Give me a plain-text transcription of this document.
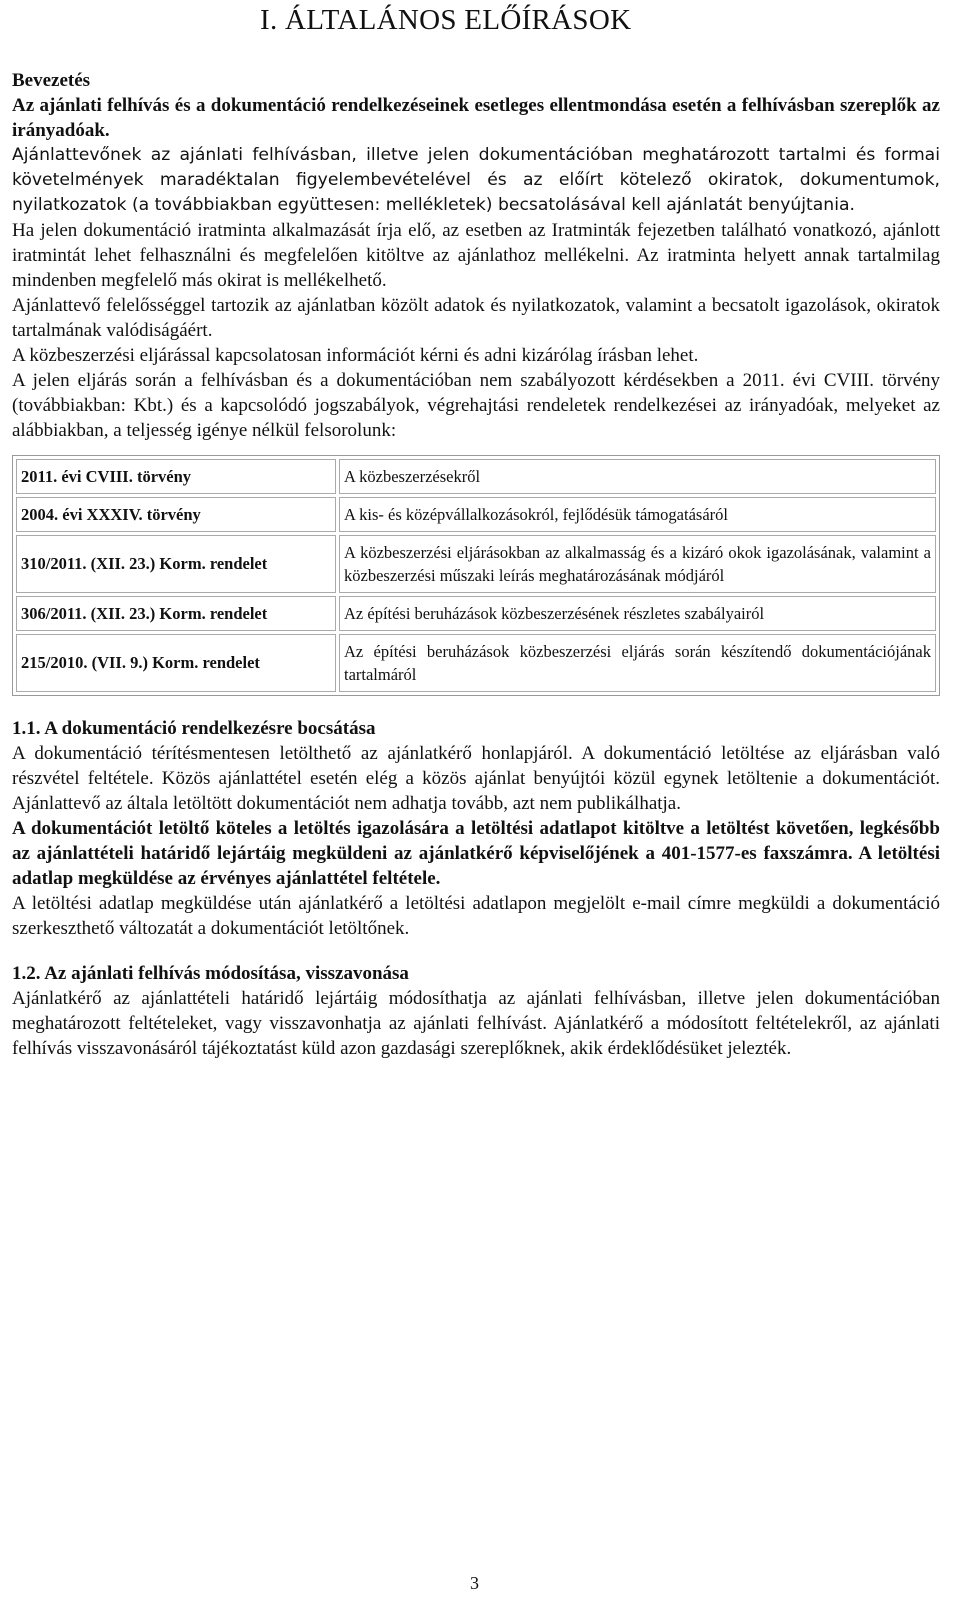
I. ÁLTALÁNOS ELŐÍRÁSOK

Bevezetés

Az ajánlati felhívás és a dokumentáció rendelkezéseinek esetleges ellentmondása esetén a felhívásban szereplők az irányadóak.

Ajánlattevőnek az ajánlati felhívásban, illetve jelen dokumentációban meghatározott tartalmi és formai követelmények maradéktalan figyelembevételével és az előírt kötelező okiratok, dokumentumok, nyilatkozatok (a továbbiakban együttesen: mellékletek) becsatolásával kell ajánlatát benyújtania.

Ha jelen dokumentáció iratminta alkalmazását írja elő, az esetben az Iratminták fejezetben található vonatkozó, ajánlott iratmintát lehet felhasználni és megfelelően kitöltve az ajánlathoz mellékelni. Az iratminta helyett annak tartalmilag mindenben megfelelő más okirat is mellékelhető.

Ajánlattevő felelősséggel tartozik az ajánlatban közölt adatok és nyilatkozatok, valamint a becsatolt igazolások, okiratok tartalmának valódiságáért.

A közbeszerzési eljárással kapcsolatosan információt kérni és adni kizárólag írásban lehet.

A jelen eljárás során a felhívásban és a dokumentációban nem szabályozott kérdésekben a 2011. évi CVIII. törvény (továbbiakban: Kbt.) és a kapcsolódó jogszabályok, végrehajtási rendeletek rendelkezései az irányadóak, melyeket az alábbiakban, a teljesség igénye nélkül felsorolunk:

2011. évi CVIII. törvény	A közbeszerzésekről
2004. évi XXXIV. törvény	A kis- és középvállalkozásokról, fejlődésük támogatásáról
310/2011. (XII. 23.) Korm. rendelet	A közbeszerzési eljárásokban az alkalmasság és a kizáró okok igazolásának, valamint a közbeszerzési műszaki leírás meghatározásának módjáról
306/2011. (XII. 23.) Korm. rendelet	Az építési beruházások közbeszerzésének részletes szabályairól
215/2010. (VII. 9.) Korm. rendelet	Az építési beruházások közbeszerzési eljárás során készítendő dokumentációjának tartalmáról

1.1. A dokumentáció rendelkezésre bocsátása

A dokumentáció térítésmentesen letölthető az ajánlatkérő honlapjáról. A dokumentáció letöltése az eljárásban való részvétel feltétele. Közös ajánlattétel esetén elég a közös ajánlat benyújtói közül egynek letöltenie a dokumentációt. Ajánlattevő az általa letöltött dokumentációt nem adhatja tovább, azt nem publikálhatja.

A dokumentációt letöltő köteles a letöltés igazolására a letöltési adatlapot kitöltve a letöltést követően, legkésőbb az ajánlattételi határidő lejártáig megküldeni az ajánlatkérő képviselőjének a 401-1577-es faxszámra. A letöltési adatlap megküldése az érvényes ajánlattétel feltétele.

A letöltési adatlap megküldése után ajánlatkérő a letöltési adatlapon megjelölt e-mail címre megküldi a dokumentáció szerkeszthető változatát a dokumentációt letöltőnek.

1.2. Az ajánlati felhívás módosítása, visszavonása

Ajánlatkérő az ajánlattételi határidő lejártáig módosíthatja az ajánlati felhívásban, illetve jelen dokumentációban meghatározott feltételeket, vagy visszavonhatja az ajánlati felhívást. Ajánlatkérő a módosított feltételekről, az ajánlati felhívás visszavonásáról tájékoztatást küld azon gazdasági szereplőknek, akik érdeklődésüket jelezték.

3
